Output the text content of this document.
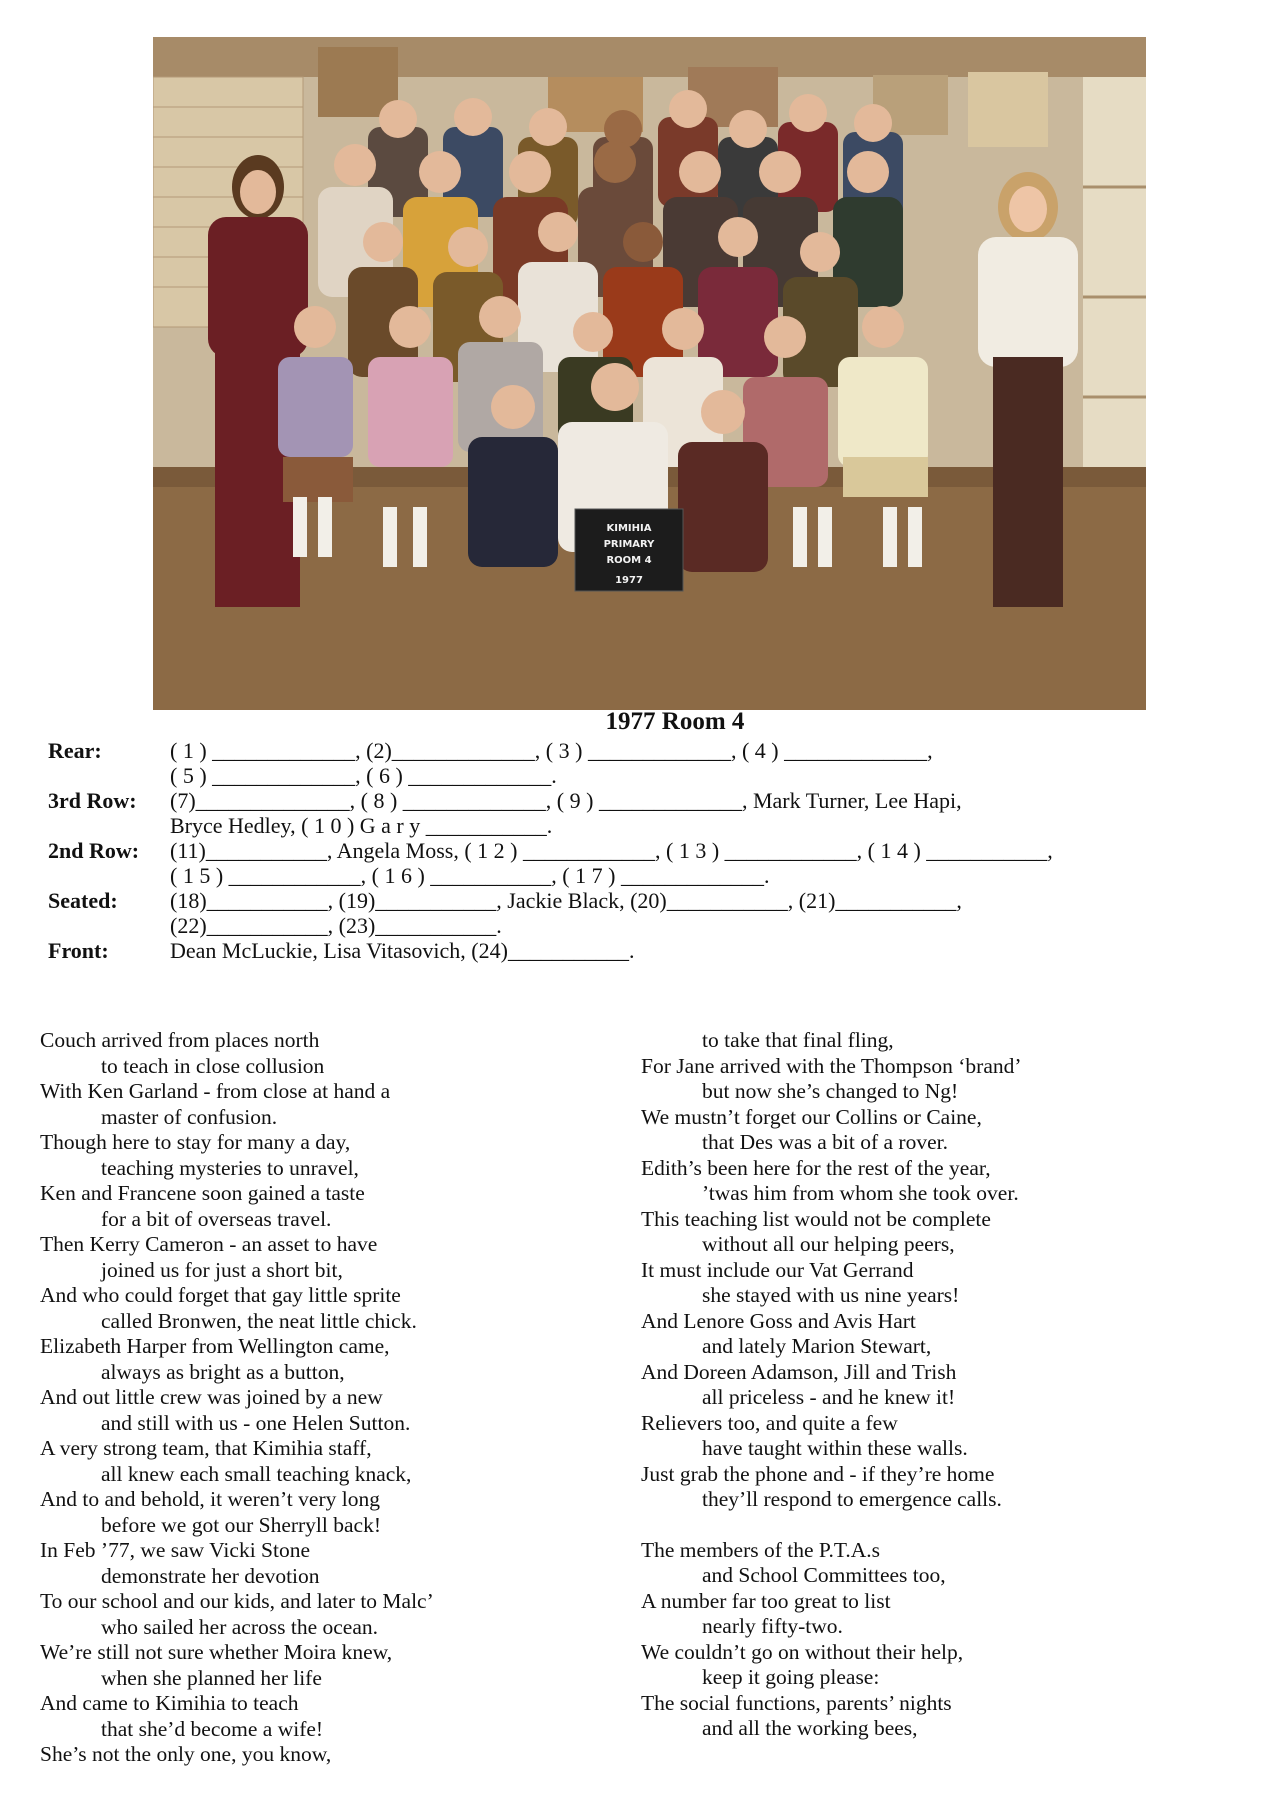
KIMIHIA
PRIMARY
ROOM 4
1977
1977 Room 4
Rear:	( 1 ) _____________, (2)_____________, ( 3 ) _____________, ( 4 ) _____________,
( 5 ) _____________, ( 6 ) _____________.
3rd Row: (7)______________, ( 8 ) _____________, ( 9 ) _____________, Mark Turner, Lee Hapi,
Bryce Hedley, ( 1 0 ) G a r y ___________.
2nd Row: (11)___________, Angela Moss, ( 1 2 ) ____________, ( 1 3 ) ____________, ( 1 4 ) ___________,
( 1 5 ) ____________, ( 1 6 ) ___________, ( 1 7 ) _____________.
Seated: (18)___________, (19)___________, Jackie Black, (20)___________, (21)___________,
(22)___________, (23)___________.
Front:	Dean McLuckie, Lisa Vitasovich, (24)___________.
Couch arrived from places north
to teach in close collusion
With Ken Garland - from close at hand a
master of confusion.
Though here to stay for many a day,
teaching mysteries to unravel,
Ken and Francene soon gained a taste
for a bit of overseas travel.
Then Kerry Cameron - an asset to have
joined us for just a short bit,
And who could forget that gay little sprite
called Bronwen, the neat little chick.
Elizabeth Harper from Wellington came,
always as bright as a button,
And out little crew was joined by a new
and still with us - one Helen Sutton.
A very strong team, that Kimihia staff,
all knew each small teaching knack,
And to and behold, it weren’t very long
before we got our Sherryll back!
In Feb ’77, we saw Vicki Stone
demonstrate her devotion
To our school and our kids, and later to Malc’
who sailed her across the ocean.
We’re still not sure whether Moira knew,
when she planned her life
And came to Kimihia to teach
that she’d become a wife!
She’s not the only one, you know,
to take that final fling,
For Jane arrived with the Thompson ‘brand’
but now she’s changed to Ng!
We mustn’t forget our Collins or Caine,
that Des was a bit of a rover.
Edith’s been here for the rest of the year,
’twas him from whom she took over.
This teaching list would not be complete
without all our helping peers,
It must include our Vat Gerrand
she stayed with us nine years!
And Lenore Goss and Avis Hart
and lately Marion Stewart,
And Doreen Adamson, Jill and Trish
all priceless - and he knew it!
Relievers too, and quite a few
have taught within these walls.
Just grab the phone and - if they’re home
they’ll respond to emergence calls.
The members of the P.T.A.s
and School Committees too,
A number far too great to list
nearly fifty-two.
We couldn’t go on without their help,
keep it going please:
The social functions, parents’ nights
and all the working bees,
